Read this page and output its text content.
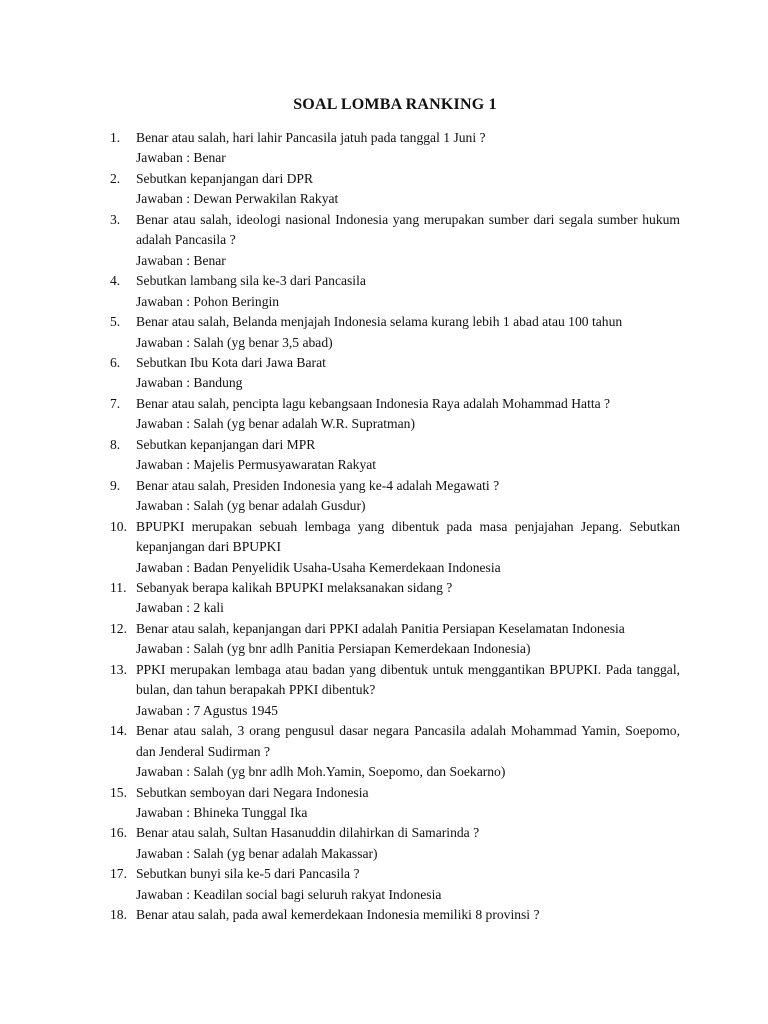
SOAL LOMBA RANKING 1
1. Benar atau salah, hari lahir Pancasila jatuh pada tanggal 1 Juni ?
Jawaban : Benar
2. Sebutkan kepanjangan dari DPR
Jawaban : Dewan Perwakilan Rakyat
3. Benar atau salah, ideologi nasional Indonesia yang merupakan sumber dari segala sumber hukum adalah Pancasila ?
Jawaban : Benar
4. Sebutkan lambang sila ke-3 dari Pancasila
Jawaban : Pohon Beringin
5. Benar atau salah, Belanda menjajah Indonesia selama kurang lebih 1 abad atau 100 tahun
Jawaban : Salah (yg benar 3,5 abad)
6. Sebutkan Ibu Kota dari Jawa Barat
Jawaban : Bandung
7. Benar atau salah, pencipta lagu kebangsaan Indonesia Raya adalah Mohammad Hatta ?
Jawaban : Salah (yg benar adalah W.R. Supratman)
8. Sebutkan kepanjangan dari MPR
Jawaban : Majelis Permusyawaratan Rakyat
9. Benar atau salah, Presiden Indonesia yang ke-4 adalah Megawati ?
Jawaban : Salah (yg benar adalah Gusdur)
10. BPUPKI merupakan sebuah lembaga yang dibentuk pada masa penjajahan Jepang. Sebutkan kepanjangan dari BPUPKI
Jawaban : Badan Penyelidik Usaha-Usaha Kemerdekaan Indonesia
11. Sebanyak berapa kalikah BPUPKI melaksanakan sidang ?
Jawaban : 2 kali
12. Benar atau salah, kepanjangan dari PPKI adalah Panitia Persiapan Keselamatan Indonesia
Jawaban : Salah (yg bnr adlh Panitia Persiapan Kemerdekaan Indonesia)
13. PPKI merupakan lembaga atau badan yang dibentuk untuk menggantikan BPUPKI. Pada tanggal, bulan, dan tahun berapakah PPKI dibentuk?
Jawaban : 7 Agustus 1945
14. Benar atau salah, 3 orang pengusul dasar negara Pancasila adalah Mohammad Yamin, Soepomo, dan Jenderal Sudirman ?
Jawaban : Salah (yg bnr adlh Moh.Yamin, Soepomo, dan Soekarno)
15. Sebutkan semboyan dari Negara Indonesia
Jawaban : Bhineka Tunggal Ika
16. Benar atau salah, Sultan Hasanuddin dilahirkan di Samarinda ?
Jawaban : Salah (yg benar adalah Makassar)
17. Sebutkan bunyi sila ke-5 dari Pancasila ?
Jawaban : Keadilan social bagi seluruh rakyat Indonesia
18. Benar atau salah, pada awal kemerdekaan Indonesia memiliki 8 provinsi ?
